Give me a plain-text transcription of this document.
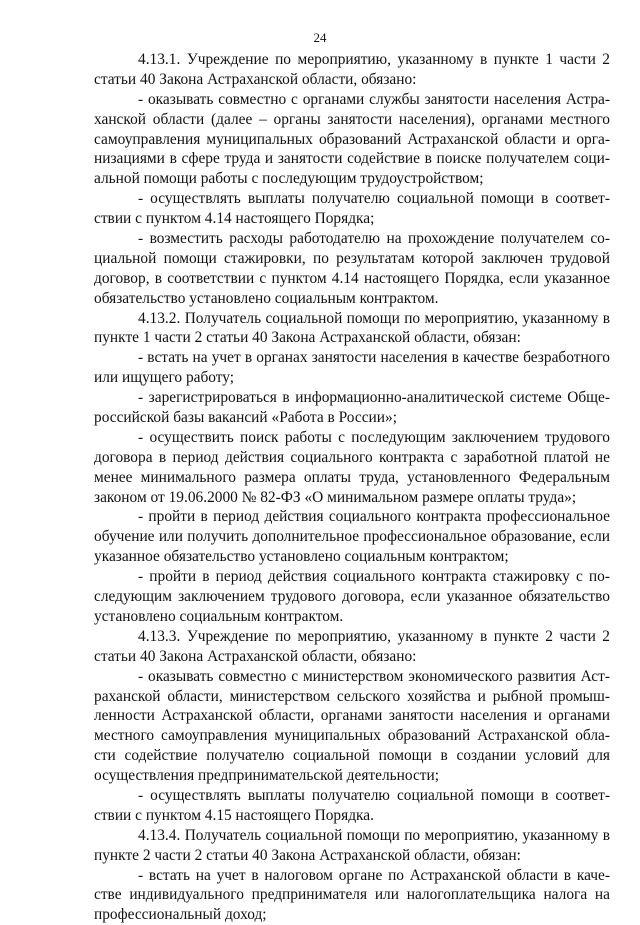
24
4.13.1. Учреждение по мероприятию, указанному в пункте 1 части 2
статьи 40 Закона Астраханской области, обязано:
- оказывать совместно с органами службы занятости населения Астра-
ханской области (далее – органы занятости населения), органами местного
самоуправления муниципальных образований Астраханской области и орга-
низациями в сфере труда и занятости содействие в поиске получателем соци-
альной помощи работы с последующим трудоустройством;
- осуществлять выплаты получателю социальной помощи в соответ-
ствии с пунктом 4.14 настоящего Порядка;
- возместить расходы работодателю на прохождение получателем со-
циальной помощи стажировки, по результатам которой заключен трудовой
договор, в соответствии с пунктом 4.14 настоящего Порядка, если указанное
обязательство установлено социальным контрактом.
4.13.2. Получатель социальной помощи по мероприятию, указанному в
пункте 1 части 2 статьи 40 Закона Астраханской области, обязан:
- встать на учет в органах занятости населения в качестве безработного
или ищущего работу;
- зарегистрироваться в информационно-аналитической системе Обще-
российской базы вакансий «Работа в России»;
- осуществить поиск работы с последующим заключением трудового
договора в период действия социального контракта с заработной платой не
менее минимального размера оплаты труда, установленного Федеральным
законом от 19.06.2000 № 82-ФЗ «О минимальном размере оплаты труда»;
- пройти в период действия социального контракта профессиональное
обучение или получить дополнительное профессиональное образование, если
указанное обязательство установлено социальным контрактом;
- пройти в период действия социального контракта стажировку с по-
следующим заключением трудового договора, если указанное обязательство
установлено социальным контрактом.
4.13.3. Учреждение по мероприятию, указанному в пункте 2 части 2
статьи 40 Закона Астраханской области, обязано:
- оказывать совместно с министерством экономического развития Аст-
раханской области, министерством сельского хозяйства и рыбной промыш-
ленности Астраханской области, органами занятости населения и органами
местного самоуправления муниципальных образований Астраханской обла-
сти содействие получателю социальной помощи в создании условий для
осуществления предпринимательской деятельности;
- осуществлять выплаты получателю социальной помощи в соответ-
ствии с пунктом 4.15 настоящего Порядка.
4.13.4. Получатель социальной помощи по мероприятию, указанному в
пункте 2 части 2 статьи 40 Закона Астраханской области, обязан:
- встать на учет в налоговом органе по Астраханской области в каче-
стве индивидуального предпринимателя или налогоплательщика налога на
профессиональный доход;
